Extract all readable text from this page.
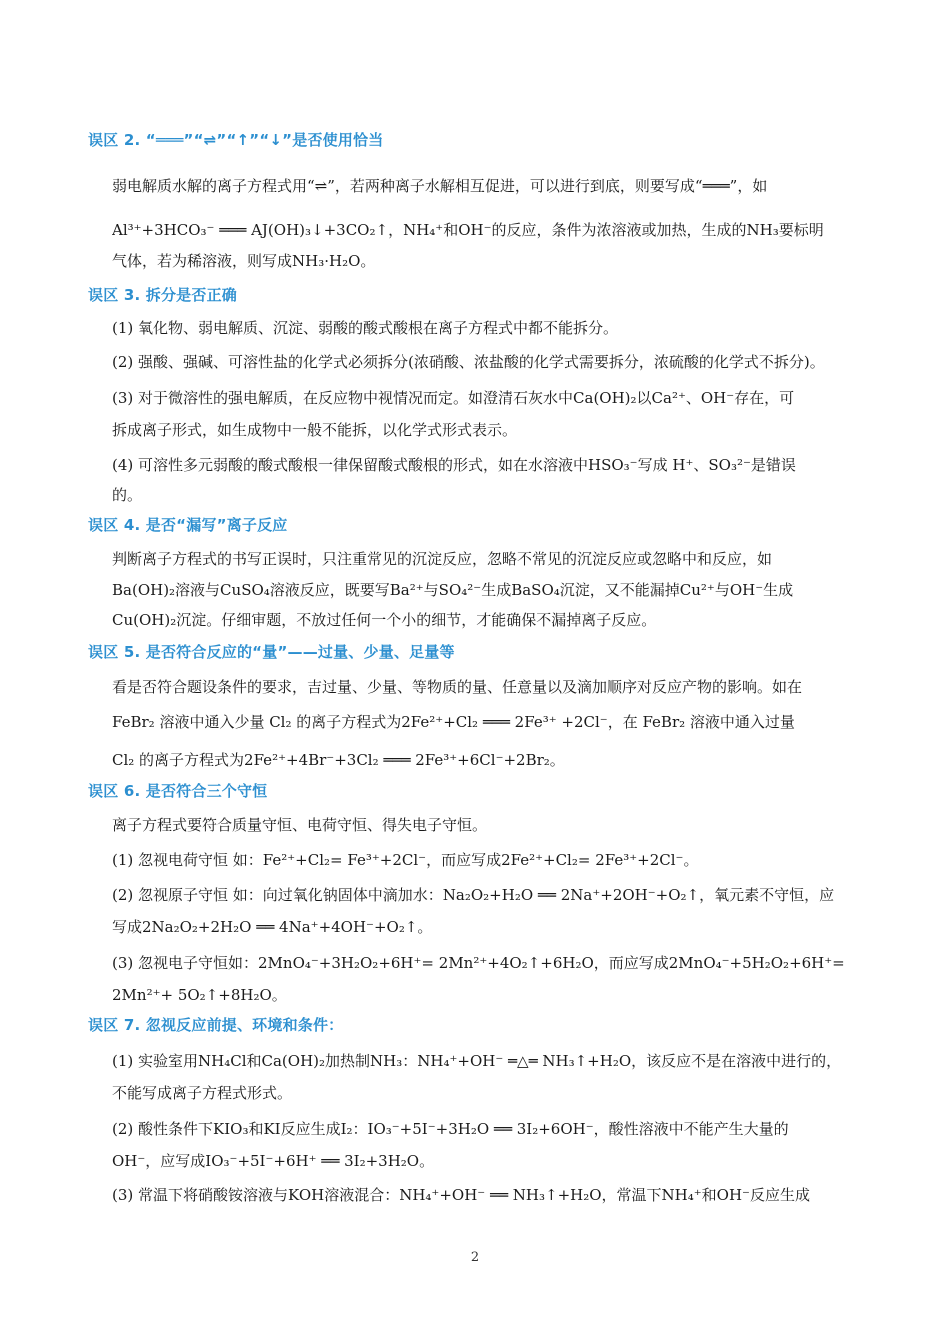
误区 2. “═══”“⇌”“↑”“↓”是否使用恰当
弱电解质水解的离子方程式用“⇌”，若两种离子水解相互促进，可以进行到底，则要写成“═══”，如
Al³⁺+3HCO₃⁻ ═══ AJ(OH)₃↓+3CO₂↑，NH₄⁺和OH⁻的反应，条件为浓溶液或加热，生成的NH₃要标明
气体，若为稀溶液，则写成NH₃·H₂O。
误区 3. 拆分是否正确
(1) 氧化物、弱电解质、沉淀、弱酸的酸式酸根在离子方程式中都不能拆分。
(2) 强酸、强碱、可溶性盐的化学式必须拆分(浓硝酸、浓盐酸的化学式需要拆分，浓硫酸的化学式不拆分)。
(3) 对于微溶性的强电解质，在反应物中视情况而定。如澄清石灰水中Ca(OH)₂以Ca²⁺、OH⁻存在，可
拆成离子形式，如生成物中一般不能拆，以化学式形式表示。
(4) 可溶性多元弱酸的酸式酸根一律保留酸式酸根的形式，如在水溶液中HSO₃⁻写成 H⁺、SO₃²⁻是错误
的。
误区 4. 是否“漏写”离子反应
判断离子方程式的书写正误时，只注重常见的沉淀反应，忽略不常见的沉淀反应或忽略中和反应，如
Ba(OH)₂溶液与CuSO₄溶液反应，既要写Ba²⁺与SO₄²⁻生成BaSO₄沉淀，又不能漏掉Cu²⁺与OH⁻生成
Cu(OH)₂沉淀。仔细审题，不放过任何一个小的细节，才能确保不漏掉离子反应。
误区 5. 是否符合反应的“量”——过量、少量、足量等
看是否符合题设条件的要求，吉过量、少量、等物质的量、任意量以及滴加顺序对反应产物的影响。如在
FeBr₂ 溶液中通入少量 Cl₂ 的离子方程式为2Fe²⁺+Cl₂ ═══ 2Fe³⁺ +2Cl⁻，在 FeBr₂ 溶液中通入过量
Cl₂ 的离子方程式为2Fe²⁺+4Br⁻+3Cl₂ ═══ 2Fe³⁺+6Cl⁻+2Br₂。
误区 6. 是否符合三个守恒
离子方程式要符合质量守恒、电荷守恒、得失电子守恒。
(1) 忽视电荷守恒 如：Fe²⁺+Cl₂= Fe³⁺+2Cl⁻，而应写成2Fe²⁺+Cl₂= 2Fe³⁺+2Cl⁻。
(2) 忽视原子守恒 如：向过氧化钠固体中滴加水：Na₂O₂+H₂O ══ 2Na⁺+2OH⁻+O₂↑，氧元素不守恒，应
写成2Na₂O₂+2H₂O ══ 4Na⁺+4OH⁻+O₂↑。
(3) 忽视电子守恒如：2MnO₄⁻+3H₂O₂+6H⁺= 2Mn²⁺+4O₂↑+6H₂O，而应写成2MnO₄⁻+5H₂O₂+6H⁺=
2Mn²⁺+ 5O₂↑+8H₂O。
误区 7. 忽视反应前提、环境和条件：
(1) 实验室用NH₄Cl和Ca(OH)₂加热制NH₃：NH₄⁺+OH⁻ ═△═ NH₃↑+H₂O，该反应不是在溶液中进行的，
不能写成离子方程式形式。
(2) 酸性条件下KIO₃和KI反应生成I₂：IO₃⁻+5I⁻+3H₂O ══ 3I₂+6OH⁻，酸性溶液中不能产生大量的
OH⁻，应写成IO₃⁻+5I⁻+6H⁺ ══ 3I₂+3H₂O。
(3) 常温下将硝酸铵溶液与KOH溶液混合：NH₄⁺+OH⁻ ══ NH₃↑+H₂O，常温下NH₄⁺和OH⁻反应生成
2
